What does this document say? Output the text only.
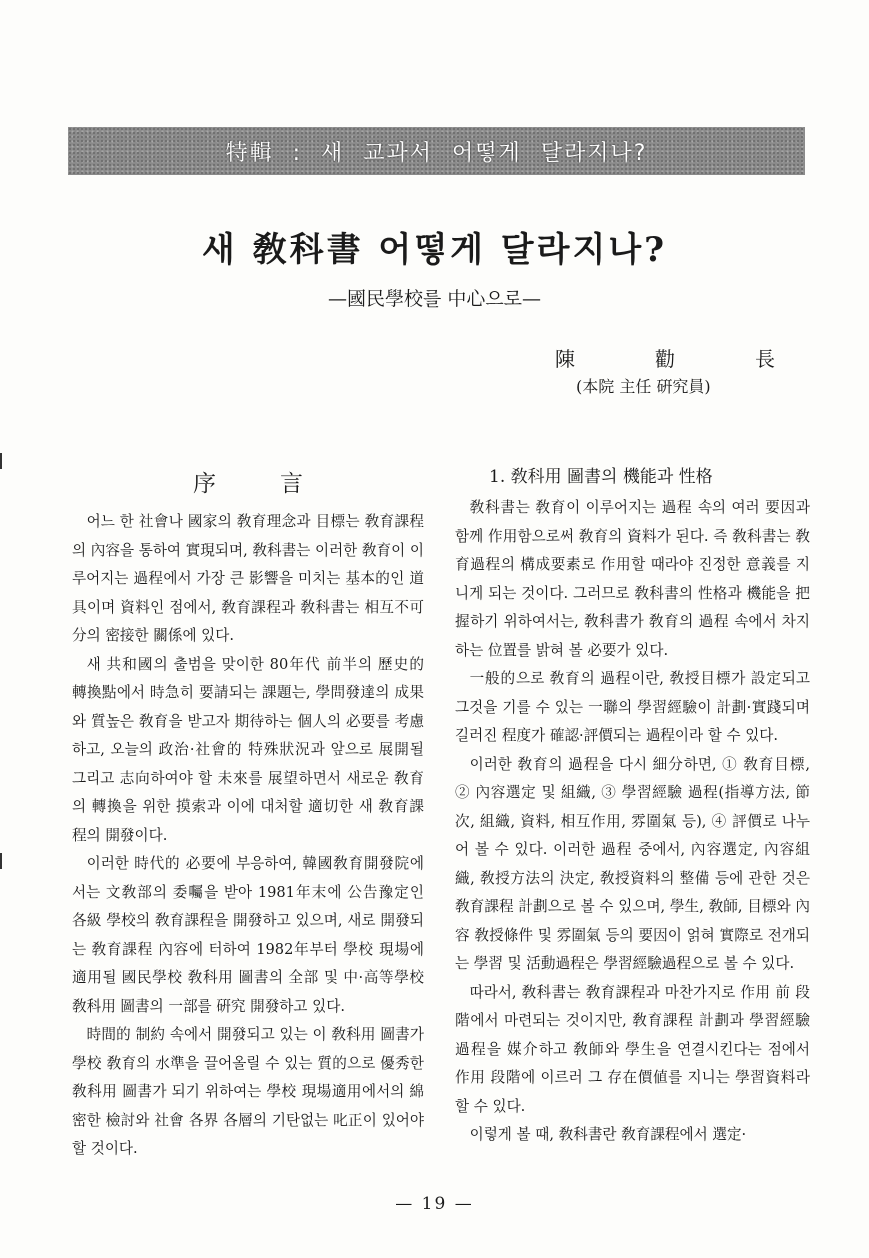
特輯 : 새 교과서 어떻게 달라지나?
새 敎科書 어떻게 달라지나?
—國民學校를 中心으로—
陳	勸	長
(本院 主任 硏究員)
序	言

어느 한 社會나 國家의 敎育理念과 目標는 敎育課程의 內容을 통하여 實現되며, 敎科書는 이러한 敎育이 이루어지는 過程에서 가장 큰 影響을 미치는 基本的인 道具이며 資料인 점에서, 敎育課程과 敎科書는 相互不可分의 密接한 關係에 있다.

새 共和國의 출범을 맞이한 80年代 前半의 歷史的 轉換點에서 時急히 要請되는 課題는, 學問發達의 成果와 質높은 敎育을 받고자 期待하는 個人의 必要를 考慮하고, 오늘의 政治·社會的 特殊狀況과 앞으로 展開될 그리고 志向하여야 할 未來를 展望하면서 새로운 敎育의 轉換을 위한 摸索과 이에 대처할 適切한 새 敎育課程의 開發이다.

이러한 時代的 必要에 부응하여, 韓國敎育開發院에서는 文敎部의 委囑을 받아 1981年末에 公告豫定인 各級 學校의 敎育課程을 開發하고 있으며, 새로 開發되는 敎育課程 內容에 터하여 1982年부터 學校 現場에 適用될 國民學校 敎科用 圖書의 全部 및 中·高等學校 敎科用 圖書의 一部를 硏究 開發하고 있다.

時間的 制約 속에서 開發되고 있는 이 敎科用 圖書가 學校 敎育의 水準을 끌어올릴 수 있는 質的으로 優秀한 敎科用 圖書가 되기 위하여는 學校 現場適用에서의 綿密한 檢討와 社會 各界 各層의 기탄없는 叱正이 있어야 할 것이다.

1. 敎科用 圖書의 機能과 性格

敎科書는 敎育이 이루어지는 過程 속의 여러 要因과 함께 作用함으로써 敎育의 資料가 된다. 즉 敎科書는 敎育過程의 構成要素로 作用할 때라야 진정한 意義를 지니게 되는 것이다. 그러므로 敎科書의 性格과 機能을 把握하기 위하여서는, 敎科書가 敎育의 過程 속에서 차지하는 位置를 밝혀 볼 必要가 있다.

一般的으로 敎育의 過程이란, 敎授目標가 設定되고 그것을 기를 수 있는 一聯의 學習經驗이 計劃·實踐되며 길러진 程度가 確認·評價되는 過程이라 할 수 있다.

이러한 敎育의 過程을 다시 細分하면, ① 敎育目標, ② 內容選定 및 組織, ③ 學習經驗 過程(指導方法, 節次, 組織, 資料, 相互作用, 雰圍氣 등), ④ 評價로 나누어 볼 수 있다. 이러한 過程 중에서, 內容選定, 內容組織, 敎授方法의 決定, 敎授資料의 整備 등에 관한 것은 敎育課程 計劃으로 볼 수 있으며, 學生, 敎師, 目標와 內容 敎授條件 및 雰圍氣 등의 要因이 얽혀 實際로 전개되는 學習 및 活動過程은 學習經驗過程으로 볼 수 있다.

따라서, 敎科書는 敎育課程과 마찬가지로 作用 前 段階에서 마련되는 것이지만, 敎育課程 計劃과 學習經驗 過程을 媒介하고 敎師와 學生을 연결시킨다는 점에서 作用 段階에 이르러 그 存在價値를 지니는 學習資料라 할 수 있다.

이렇게 볼 때, 敎科書란 敎育課程에서 選定·

— 19 —
